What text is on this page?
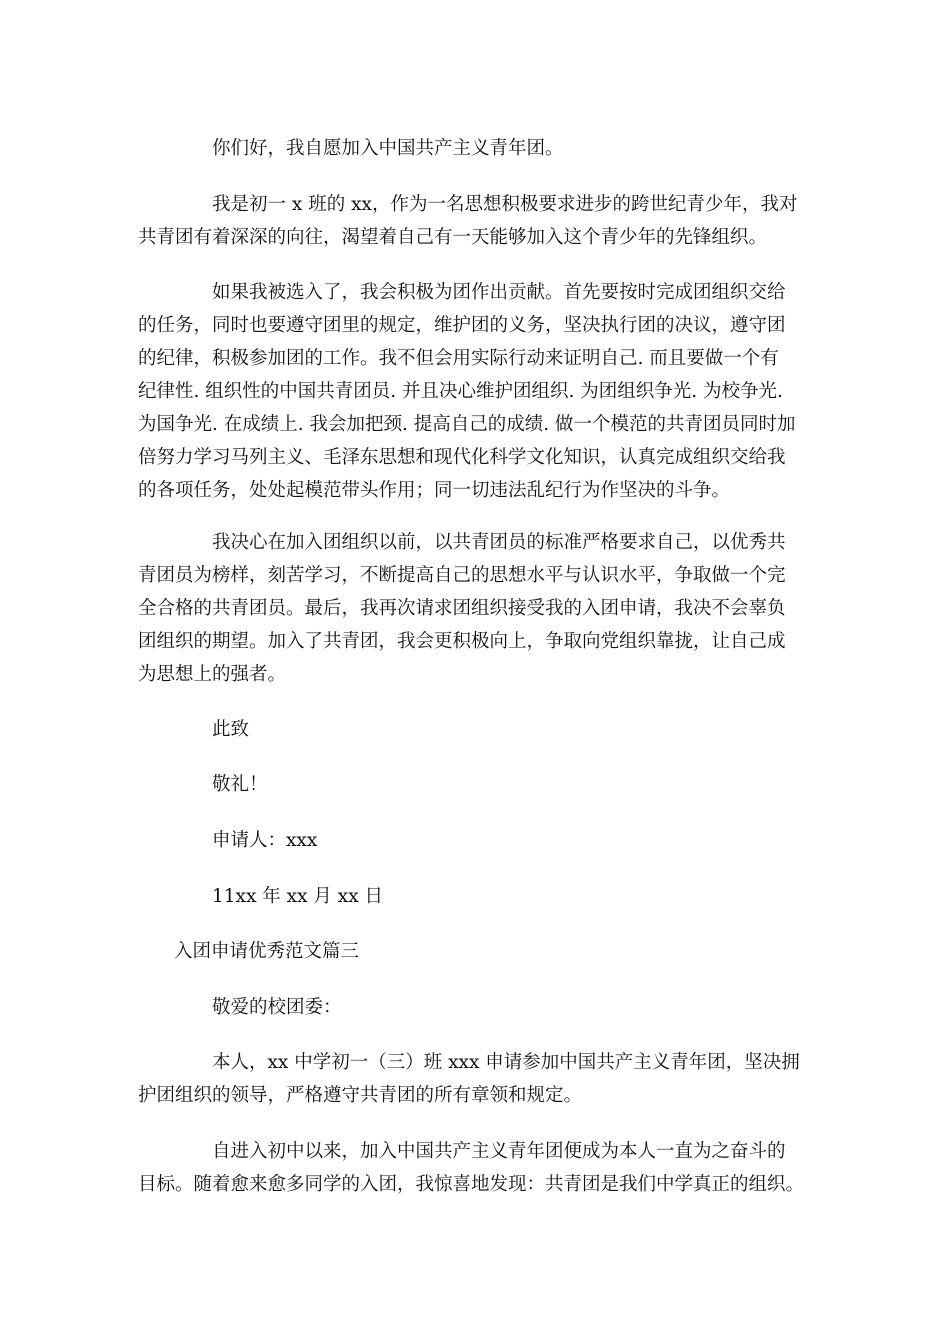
你们好，我自愿加入中国共产主义青年团。
我是初一 x 班的 xx，作为一名思想积极要求进步的跨世纪青少年，我对
共青团有着深深的向往，渴望着自己有一天能够加入这个青少年的先锋组织。
如果我被选入了，我会积极为团作出贡献。首先要按时完成团组织交给
的任务，同时也要遵守团里的规定，维护团的义务，坚决执行团的决议，遵守团
的纪律，积极参加团的工作。我不但会用实际行动来证明自己. 而且要做一个有
纪律性. 组织性的中国共青团员. 并且决心维护团组织. 为团组织争光. 为校争光.
为国争光. 在成绩上. 我会加把颈. 提高自己的成绩. 做一个模范的共青团员同时加
倍努力学习马列主义、毛泽东思想和现代化科学文化知识，认真完成组织交给我
的各项任务，处处起模范带头作用；同一切违法乱纪行为作坚决的斗争。
我决心在加入团组织以前，以共青团员的标准严格要求自己，以优秀共
青团员为榜样，刻苦学习，不断提高自己的思想水平与认识水平，争取做一个完
全合格的共青团员。最后，我再次请求团组织接受我的入团申请，我决不会辜负
团组织的期望。加入了共青团，我会更积极向上，争取向党组织靠拢，让自己成
为思想上的强者。
此致
敬礼！
申请人：xxx
11xx 年 xx 月 xx 日
入团申请优秀范文篇三
敬爱的校团委：
本人，xx 中学初一（三）班 xxx 申请参加中国共产主义青年团，坚决拥
护团组织的领导，严格遵守共青团的所有章领和规定。
自进入初中以来，加入中国共产主义青年团便成为本人一直为之奋斗的
目标。随着愈来愈多同学的入团，我惊喜地发现：共青团是我们中学真正的组织。
